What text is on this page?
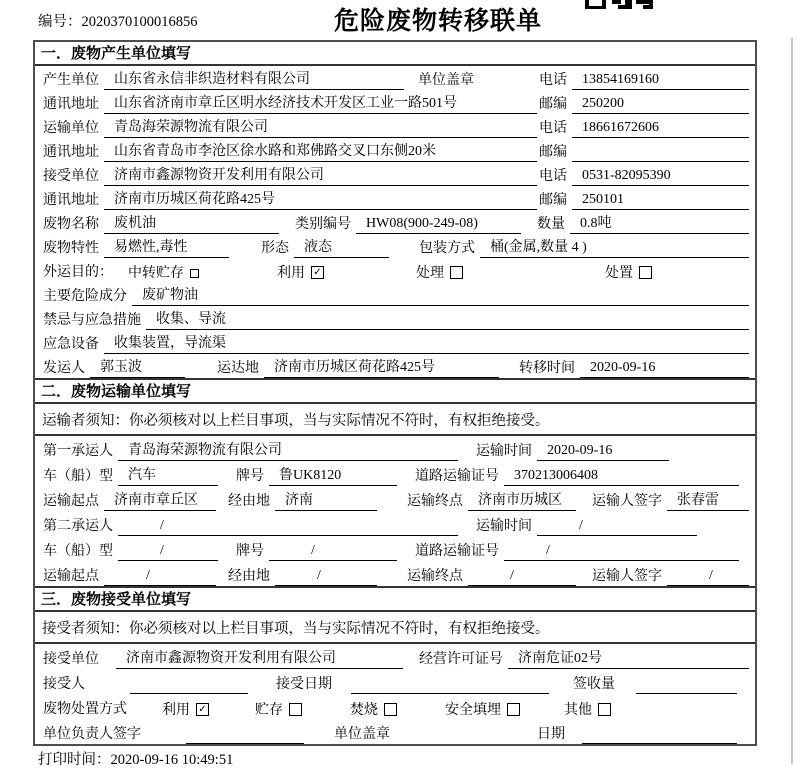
编号：2020370100016856	危险废物转移联单
一．废物产生单位填写
产生单位	山东省永信非织造材料有限公司	单位盖章	电话	13854169160
通讯地址	山东省济南市章丘区明水经济技术开发区工业一路501号	邮编	250200
运输单位	青岛海荣源物流有限公司	电话	18661672606
通讯地址	山东省青岛市李沧区徐水路和郑佛路交叉口东侧20米	邮编
接受单位	济南市鑫源物资开发利用有限公司	电话	0531-82095390
通讯地址	济南市历城区荷花路425号	邮编	250101
废物名称	废机油	类别编号	HW08(900-249-08)	数量	0.8吨
废物特性	易燃性,毒性	形态	液态	包装方式	桶(金属,数量 4 )
外运目的：	中转贮存	利用 ✓	处理	处置
主要危险成分	废矿物油
禁忌与应急措施	收集、导流
应急设备	收集装置，导流渠
发运人	郭玉波	运达地	济南市历城区荷花路425号	转移时间	2020-09-16
二．废物运输单位填写
运输者须知：你必须核对以上栏目事项，当与实际情况不符时，有权拒绝接受。
第一承运人	青岛海荣源物流有限公司	运输时间	2020-09-16
车（船）型	汽车	牌号	鲁UK8120	道路运输证号	370213006408
运输起点	济南市章丘区	经由地	济南	运输终点	济南市历城区	运输人签字	张春雷
第二承运人	/	运输时间	/
车（船）型	/	牌号	/	道路运输证号	/
运输起点	/	经由地	/	运输终点	/	运输人签字	/
三．废物接受单位填写
接受者须知：你必须核对以上栏目事项，当与实际情况不符时，有权拒绝接受。
接受单位	济南市鑫源物资开发利用有限公司	经营许可证号	济南危证02号
接受人	接受日期	签收量
废物处置方式	利用 ✓	贮存	焚烧	安全填埋	其他
单位负责人签字	单位盖章	日期
打印时间：2020-09-16 10:49:51
